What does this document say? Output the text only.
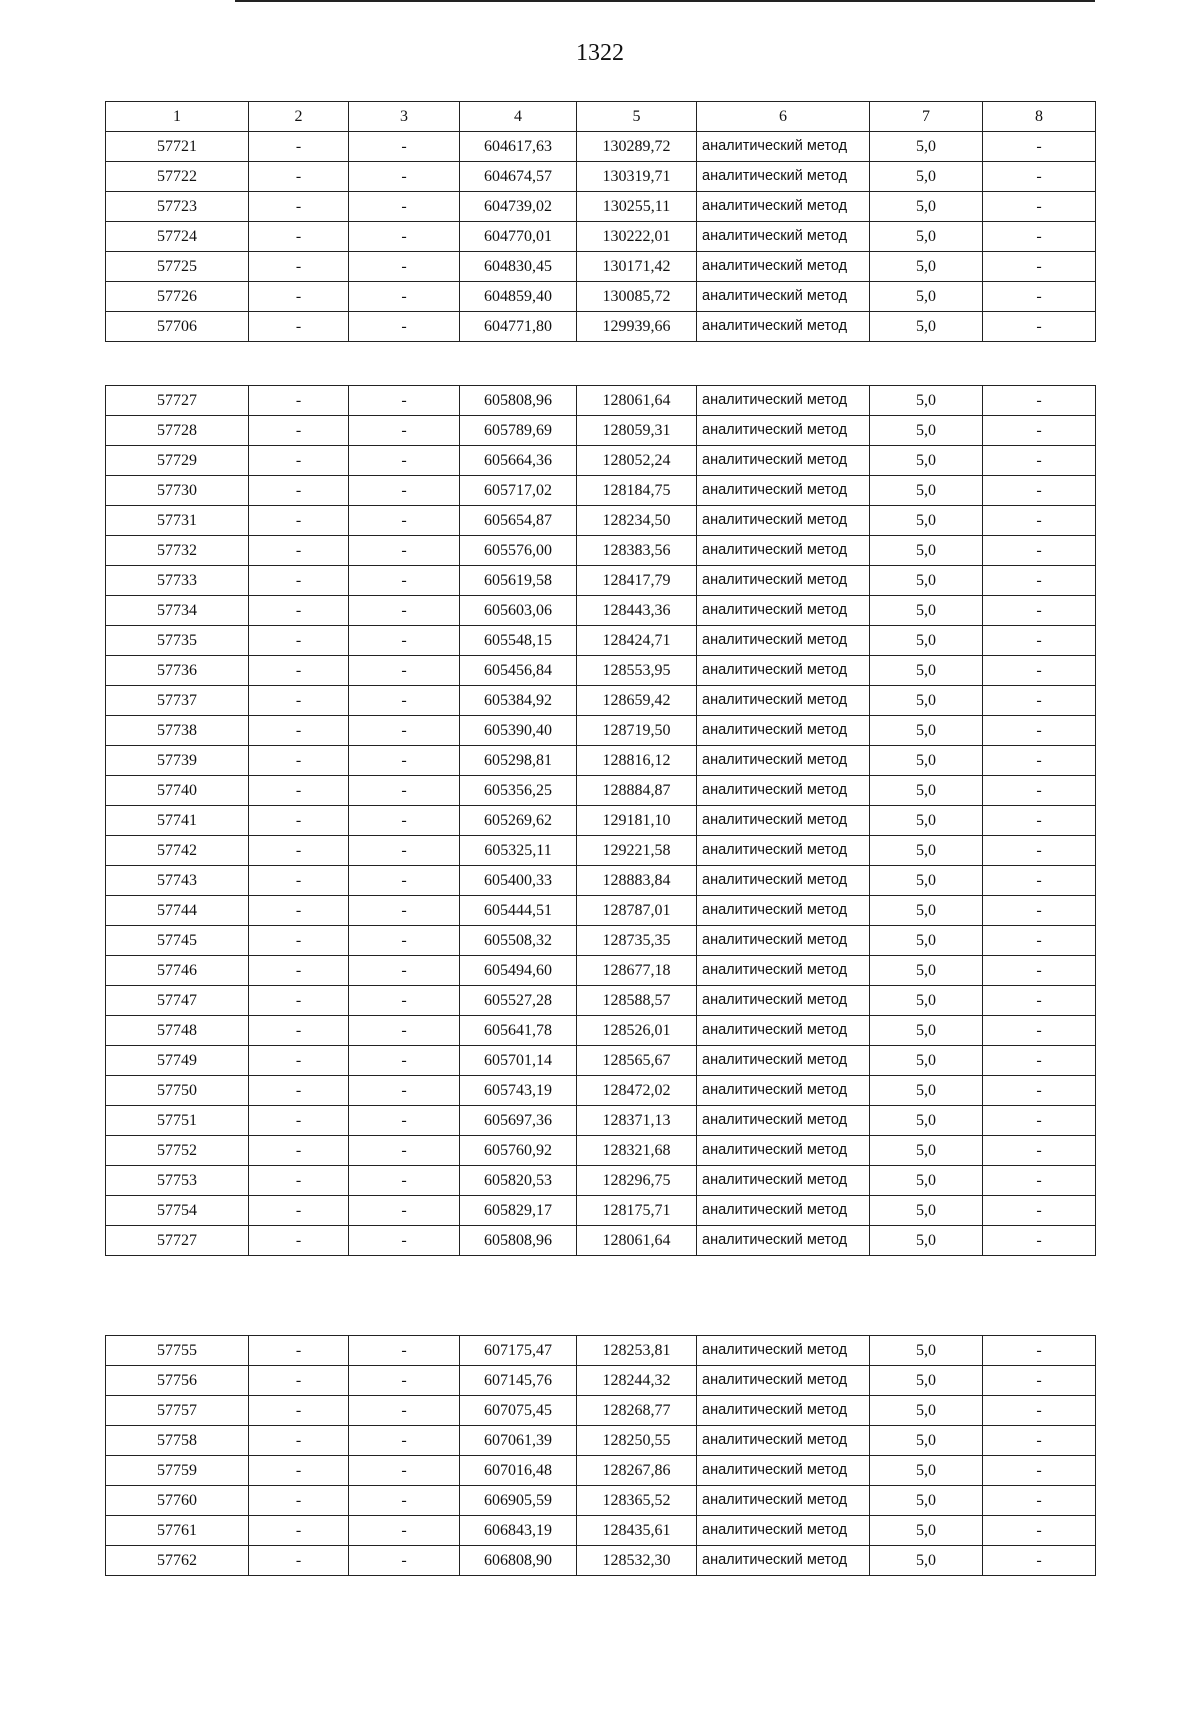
1322
1	2	3	4	5	6	7	8
57721	-	-	604617,63	130289,72	аналитический метод	5,0	-
57722	-	-	604674,57	130319,71	аналитический метод	5,0	-
57723	-	-	604739,02	130255,11	аналитический метод	5,0	-
57724	-	-	604770,01	130222,01	аналитический метод	5,0	-
57725	-	-	604830,45	130171,42	аналитический метод	5,0	-
57726	-	-	604859,40	130085,72	аналитический метод	5,0	-
57706	-	-	604771,80	129939,66	аналитический метод	5,0	-
57727	-	-	605808,96	128061,64	аналитический метод	5,0	-
57728	-	-	605789,69	128059,31	аналитический метод	5,0	-
57729	-	-	605664,36	128052,24	аналитический метод	5,0	-
57730	-	-	605717,02	128184,75	аналитический метод	5,0	-
57731	-	-	605654,87	128234,50	аналитический метод	5,0	-
57732	-	-	605576,00	128383,56	аналитический метод	5,0	-
57733	-	-	605619,58	128417,79	аналитический метод	5,0	-
57734	-	-	605603,06	128443,36	аналитический метод	5,0	-
57735	-	-	605548,15	128424,71	аналитический метод	5,0	-
57736	-	-	605456,84	128553,95	аналитический метод	5,0	-
57737	-	-	605384,92	128659,42	аналитический метод	5,0	-
57738	-	-	605390,40	128719,50	аналитический метод	5,0	-
57739	-	-	605298,81	128816,12	аналитический метод	5,0	-
57740	-	-	605356,25	128884,87	аналитический метод	5,0	-
57741	-	-	605269,62	129181,10	аналитический метод	5,0	-
57742	-	-	605325,11	129221,58	аналитический метод	5,0	-
57743	-	-	605400,33	128883,84	аналитический метод	5,0	-
57744	-	-	605444,51	128787,01	аналитический метод	5,0	-
57745	-	-	605508,32	128735,35	аналитический метод	5,0	-
57746	-	-	605494,60	128677,18	аналитический метод	5,0	-
57747	-	-	605527,28	128588,57	аналитический метод	5,0	-
57748	-	-	605641,78	128526,01	аналитический метод	5,0	-
57749	-	-	605701,14	128565,67	аналитический метод	5,0	-
57750	-	-	605743,19	128472,02	аналитический метод	5,0	-
57751	-	-	605697,36	128371,13	аналитический метод	5,0	-
57752	-	-	605760,92	128321,68	аналитический метод	5,0	-
57753	-	-	605820,53	128296,75	аналитический метод	5,0	-
57754	-	-	605829,17	128175,71	аналитический метод	5,0	-
57727	-	-	605808,96	128061,64	аналитический метод	5,0	-
57755	-	-	607175,47	128253,81	аналитический метод	5,0	-
57756	-	-	607145,76	128244,32	аналитический метод	5,0	-
57757	-	-	607075,45	128268,77	аналитический метод	5,0	-
57758	-	-	607061,39	128250,55	аналитический метод	5,0	-
57759	-	-	607016,48	128267,86	аналитический метод	5,0	-
57760	-	-	606905,59	128365,52	аналитический метод	5,0	-
57761	-	-	606843,19	128435,61	аналитический метод	5,0	-
57762	-	-	606808,90	128532,30	аналитический метод	5,0	-
